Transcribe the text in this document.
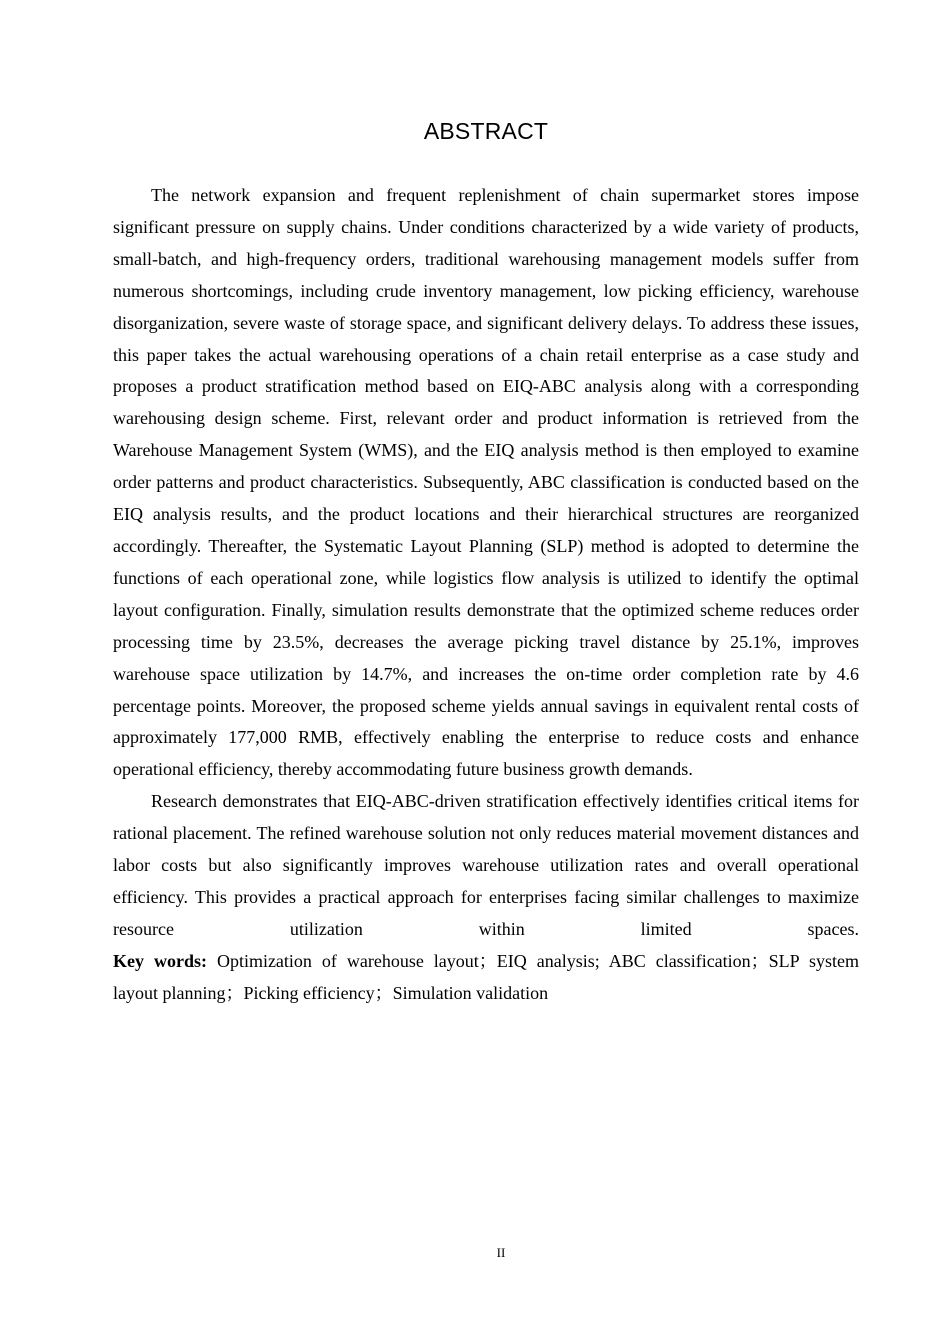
ABSTRACT

The network expansion and frequent replenishment of chain supermarket stores impose significant pressure on supply chains. Under conditions characterized by a wide variety of products, small-batch, and high-frequency orders, traditional warehousing management models suffer from numerous shortcomings, including crude inventory management, low picking efficiency, warehouse disorganization, severe waste of storage space, and significant delivery delays. To address these issues, this paper takes the actual warehousing operations of a chain retail enterprise as a case study and proposes a product stratification method based on EIQ-ABC analysis along with a corresponding warehousing design scheme. First, relevant order and product information is retrieved from the Warehouse Management System (WMS), and the EIQ analysis method is then employed to examine order patterns and product characteristics. Subsequently, ABC classification is conducted based on the EIQ analysis results, and the product locations and their hierarchical structures are reorganized accordingly. Thereafter, the Systematic Layout Planning (SLP) method is adopted to determine the functions of each operational zone, while logistics flow analysis is utilized to identify the optimal layout configuration. Finally, simulation results demonstrate that the optimized scheme reduces order processing time by 23.5%, decreases the average picking travel distance by 25.1%, improves warehouse space utilization by 14.7%, and increases the on-time order completion rate by 4.6 percentage points. Moreover, the proposed scheme yields annual savings in equivalent rental costs of approximately 177,000 RMB, effectively enabling the enterprise to reduce costs and enhance operational efficiency, thereby accommodating future business growth demands.

Research demonstrates that EIQ-ABC-driven stratification effectively identifies critical items for rational placement. The refined warehouse solution not only reduces material movement distances and labor costs but also significantly improves warehouse utilization rates and overall operational efficiency. This provides a practical approach for enterprises facing similar challenges to maximize resource utilization within limited spaces.

Key words: Optimization of warehouse layout；EIQ analysis; ABC classification；SLP system layout planning；Picking efficiency；Simulation validation

II
